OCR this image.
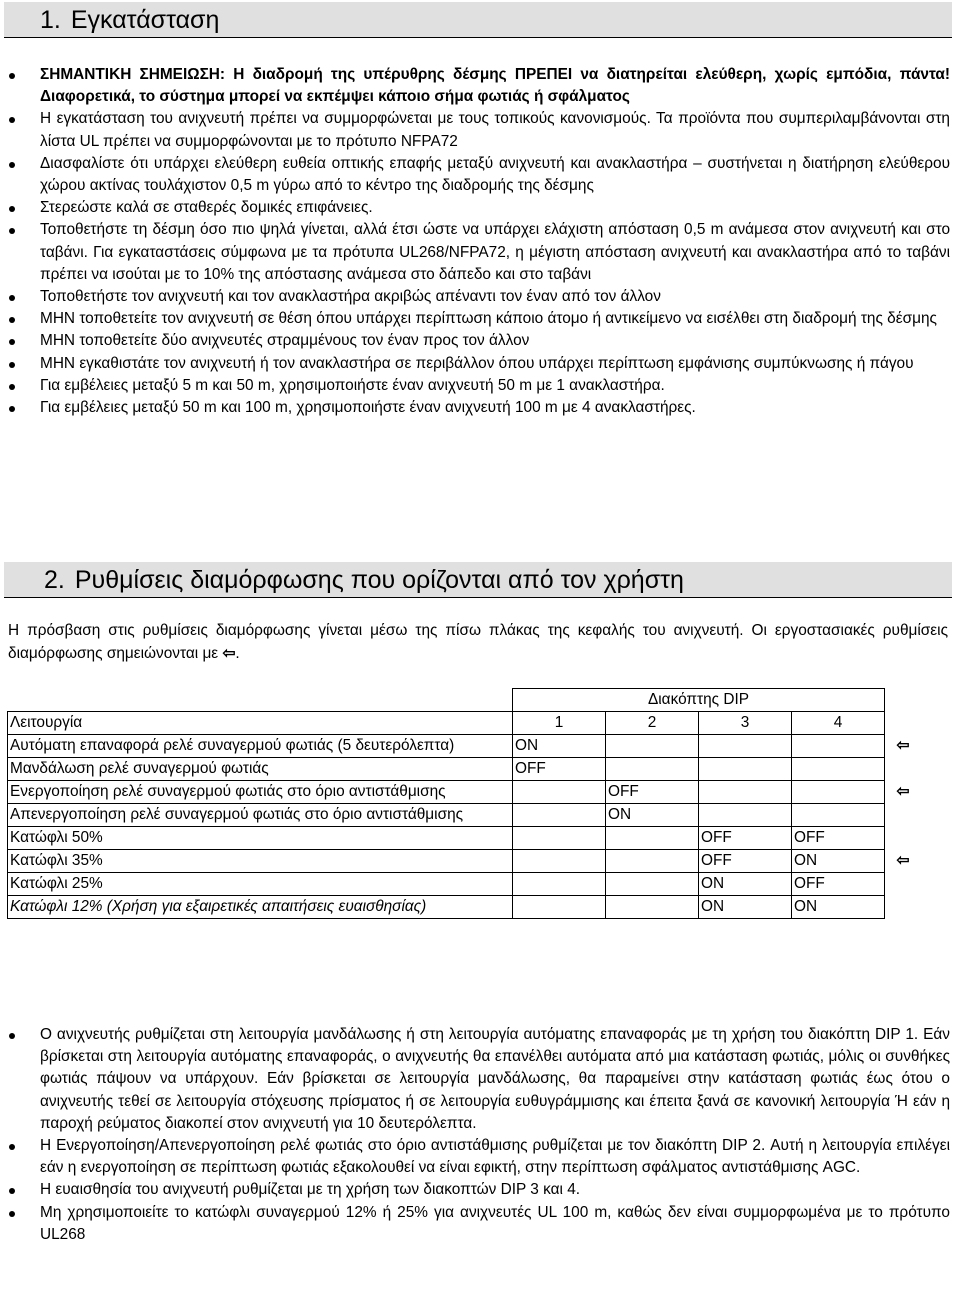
1. Εγκατάσταση
ΣΗΜΑΝΤΙΚΗ ΣΗΜΕΙΩΣΗ: Η διαδρομή της υπέρυθρης δέσμης ΠΡΕΠΕΙ να διατηρείται ελεύθερη, χωρίς εμπόδια, πάντα! Διαφορετικά, το σύστημα μπορεί να εκπέμψει κάποιο σήμα φωτιάς ή σφάλματος
Η εγκατάσταση του ανιχνευτή πρέπει να συμμορφώνεται με τους τοπικούς κανονισμούς. Τα προϊόντα που συμπεριλαμβάνονται στη λίστα UL πρέπει να συμμορφώνονται με το πρότυπο NFPA72
Διασφαλίστε ότι υπάρχει ελεύθερη ευθεία οπτικής επαφής μεταξύ ανιχνευτή και ανακλαστήρα – συστήνεται η διατήρηση ελεύθερου χώρου ακτίνας τουλάχιστον 0,5 m γύρω από το κέντρο της διαδρομής της δέσμης
Στερεώστε καλά σε σταθερές δομικές επιφάνειες.
Τοποθετήστε τη δέσμη όσο πιο ψηλά γίνεται, αλλά έτσι ώστε να υπάρχει ελάχιστη απόσταση 0,5 m ανάμεσα στον ανιχνευτή και στο ταβάνι. Για εγκαταστάσεις σύμφωνα με τα πρότυπα UL268/NFPA72, η μέγιστη απόσταση ανιχνευτή και ανακλαστήρα από το ταβάνι πρέπει να ισούται με το 10% της απόστασης ανάμεσα στο δάπεδο και στο ταβάνι
Τοποθετήστε τον ανιχνευτή και τον ανακλαστήρα ακριβώς απέναντι τον έναν από τον άλλον
ΜΗΝ τοποθετείτε τον ανιχνευτή σε θέση όπου υπάρχει περίπτωση κάποιο άτομο ή αντικείμενο να εισέλθει στη διαδρομή της δέσμης
ΜΗΝ τοποθετείτε δύο ανιχνευτές στραμμένους τον έναν προς τον άλλον
ΜΗΝ εγκαθιστάτε τον ανιχνευτή ή τον ανακλαστήρα σε περιβάλλον όπου υπάρχει περίπτωση εμφάνισης συμπύκνωσης ή πάγου
Για εμβέλειες μεταξύ 5 m και 50 m, χρησιμοποιήστε έναν ανιχνευτή 50 m με 1 ανακλαστήρα.
Για εμβέλειες μεταξύ 50 m και 100 m, χρησιμοποιήστε έναν ανιχνευτή 100 m με 4 ανακλαστήρες.
2. Ρυθμίσεις διαμόρφωσης που ορίζονται από τον χρήστη
Η πρόσβαση στις ρυθμίσεις διαμόρφωσης γίνεται μέσω της πίσω πλάκας της κεφαλής του ανιχνευτή. Οι εργοστασιακές ρυθμίσεις διαμόρφωσης σημειώνονται με ⇦.
	Διακόπτης DIP				
Λειτουργία	1	2	3	4	
Αυτόματη επαναφορά ρελέ συναγερμού φωτιάς (5 δευτερόλεπτα)	ON				⇦
Μανδάλωση ρελέ συναγερμού φωτιάς	OFF				
Ενεργοποίηση ρελέ συναγερμού φωτιάς στο όριο αντιστάθμισης		OFF			⇦
Απενεργοποίηση ρελέ συναγερμού φωτιάς στο όριο αντιστάθμισης		ON			
Κατώφλι 50%			OFF	OFF	
Κατώφλι 35%			OFF	ON	⇦
Κατώφλι 25%			ON	OFF	
Κατώφλι 12% (Χρήση για εξαιρετικές απαιτήσεις ευαισθησίας)			ON	ON	
Ο ανιχνευτής ρυθμίζεται στη λειτουργία μανδάλωσης ή στη λειτουργία αυτόματης επαναφοράς με τη χρήση του διακόπτη DIP 1. Εάν βρίσκεται στη λειτουργία αυτόματης επαναφοράς, ο ανιχνευτής θα επανέλθει αυτόματα από μια κατάσταση φωτιάς, μόλις οι συνθήκες φωτιάς πάψουν να υπάρχουν. Εάν βρίσκεται σε λειτουργία μανδάλωσης, θα παραμείνει στην κατάσταση φωτιάς έως ότου ο ανιχνευτής τεθεί σε λειτουργία στόχευσης πρίσματος ή σε λειτουργία ευθυγράμμισης και έπειτα ξανά σε κανονική λειτουργία Ή εάν η παροχή ρεύματος διακοπεί στον ανιχνευτή για 10 δευτερόλεπτα.
Η Ενεργοποίηση/Απενεργοποίηση ρελέ φωτιάς στο όριο αντιστάθμισης ρυθμίζεται με τον διακόπτη DIP 2. Αυτή η λειτουργία επιλέγει εάν η ενεργοποίηση σε περίπτωση φωτιάς εξακολουθεί να είναι εφικτή, στην περίπτωση σφάλματος αντιστάθμισης AGC.
Η ευαισθησία του ανιχνευτή ρυθμίζεται με τη χρήση των διακοπτών DIP 3 και 4.
Μη χρησιμοποιείτε το κατώφλι συναγερμού 12% ή 25% για ανιχνευτές UL 100 m, καθώς δεν είναι συμμορφωμένα με το πρότυπο UL268
